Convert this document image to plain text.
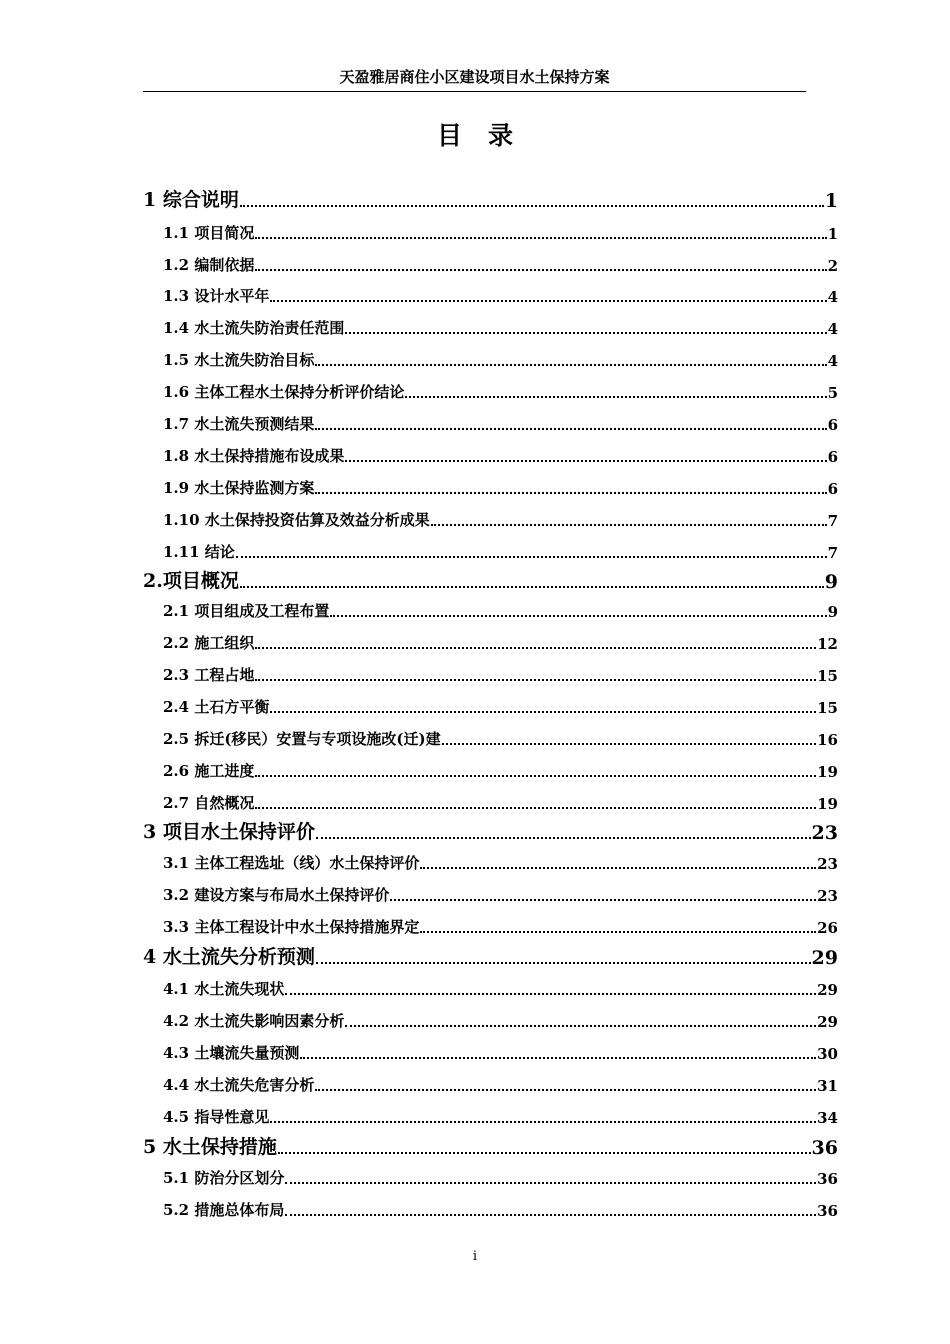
天盈雅居商住小区建设项目水土保持方案
目录
1 综合说明	1
1.1 项目简况	1
1.2 编制依据	2
1.3 设计水平年	4
1.4 水土流失防治责任范围	4
1.5 水土流失防治目标	4
1.6 主体工程水土保持分析评价结论	5
1.7 水土流失预测结果	6
1.8 水土保持措施布设成果	6
1.9 水土保持监测方案	6
1.10 水土保持投资估算及效益分析成果	7
1.11 结论	7
2.项目概况	9
2.1 项目组成及工程布置	9
2.2 施工组织	12
2.3 工程占地	15
2.4 土石方平衡	15
2.5 拆迁(移民）安置与专项设施改(迁)建	16
2.6 施工进度	19
2.7 自然概况	19
3 项目水土保持评价	23
3.1 主体工程选址（线）水土保持评价	23
3.2 建设方案与布局水土保持评价	23
3.3 主体工程设计中水土保持措施界定	26
4 水土流失分析预测	29
4.1 水土流失现状	29
4.2 水土流失影响因素分析	29
4.3 土壤流失量预测	30
4.4 水土流失危害分析	31
4.5 指导性意见	34
5 水土保持措施	36
5.1 防治分区划分	36
5.2 措施总体布局	36
i
